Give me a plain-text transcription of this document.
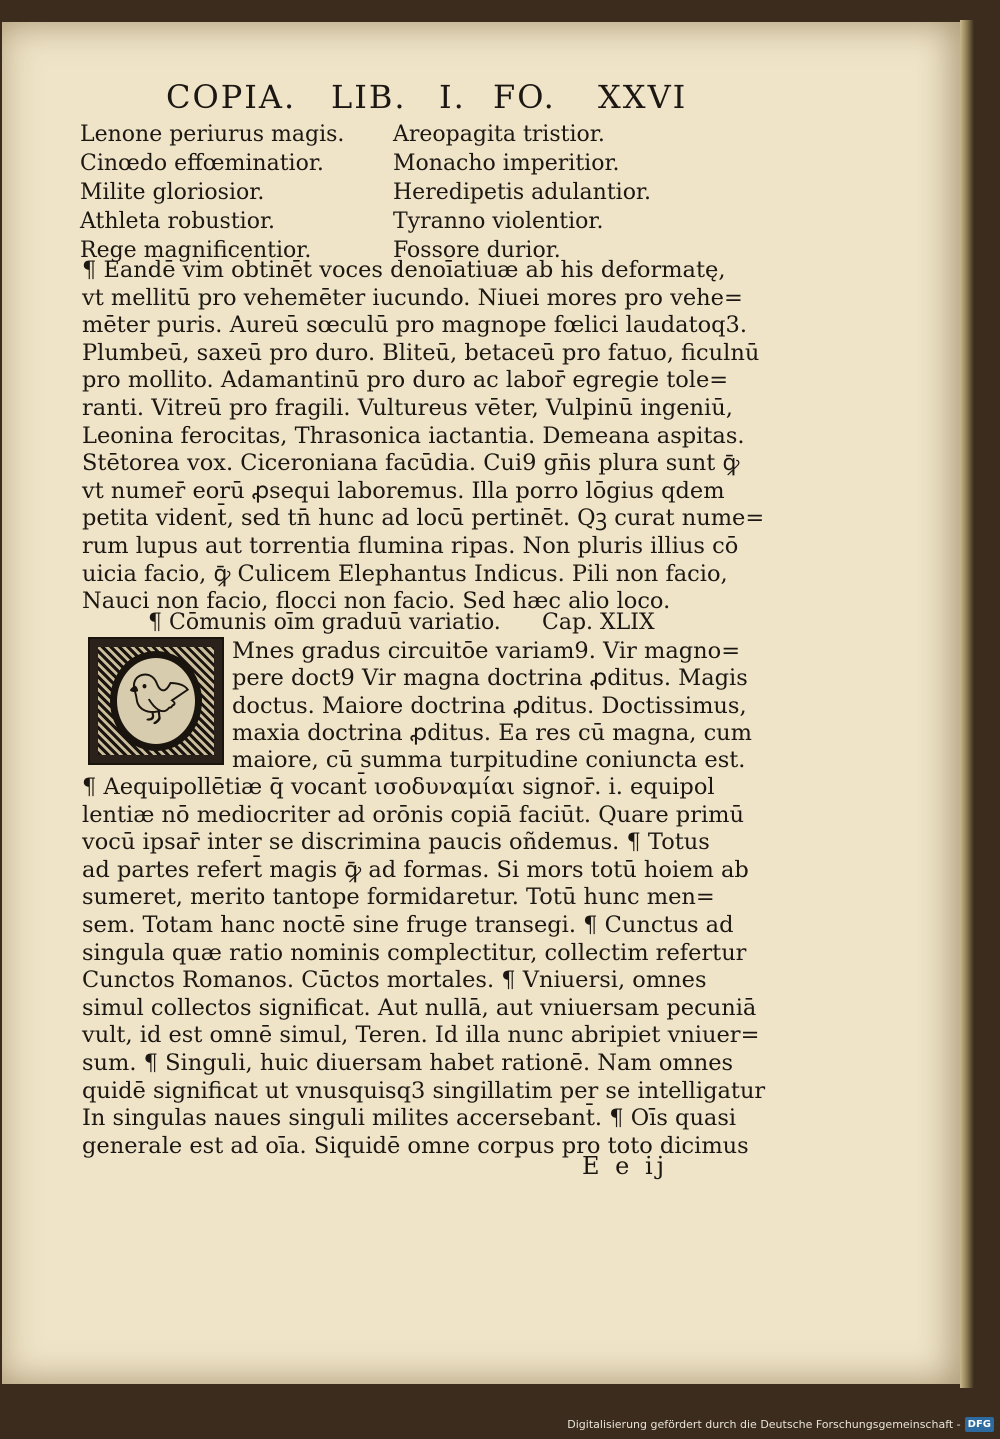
COPIA. LIB. I. FO. XXVI
Lenone periurus magis.
Cinœdo effœminatior.
Milite gloriosior.
Athleta robustior.
Rege magnificentior.
Areopagita tristior.
Monacho imperitior.
Heredipetis adulantior.
Tyranno violentior.
Fossore durior.
¶ Eandē vim obtinēt voces denoīatiuæ ab his deformatę,
vt mellitū pro vehemēter iucundo. Niuei mores pro vehe=
mēter puris. Aureū sœculū pro magnope fœlici laudatoq3.
Plumbeū, saxeū pro duro. Bliteū, betaceū pro fatuo, ficulnū
pro mollito. Adamantinū pro duro ac labor̄ egregie tole=
ranti. Vitreū pro fragili. Vultureus vēter, Vulpinū ingeniū,
Leonina ferocitas, Thrasonica iactantia. Demeana aspitas.
Stētorea vox. Ciceroniana facūdia. Cui9 gn̄is plura sunt ꝙ̄
vt numer̄ eorū ꝓsequi laboremus. Illa porro lōgius qdem
petita vident̄, sed tn̄ hunc ad locū pertinēt. Qꝫ curat nume=
rum lupus aut torrentia flumina ripas. Non pluris illius cō
uicia facio, ꝙ̄ Culicem Elephantus Indicus. Pili non facio,
Nauci non facio, flocci non facio. Sed hæc alio loco.
¶ Cōmunis oīm graduū variatio. Cap. XLIX
🐦︎
Mnes gradus circuitōe variam9. Vir magno=
pere doct9 Vir magna doctrina ꝓditus. Magis
doctus. Maiore doctrina ꝓditus. Doctissimus,
maxia doctrina ꝓditus. Ea res cū magna, cum
maiore, cū summa turpitudine coniuncta est.
¶ Aequipollētiæ q̄ vocant̄ ισοδυναμίαι signor̄. i. equipol
lentiæ nō mediocriter ad orōnis copiā faciūt. Quare primū
vocū ipsar̄ inter se discrimina paucis oñdemus. ¶ Totus
ad partes refert̄ magis ꝙ̄ ad formas. Si mors totū hoiem ab
sumeret, merito tantope formidaretur. Totū hunc men=
sem. Totam hanc noctē sine fruge transegi. ¶ Cunctus ad
singula quæ ratio nominis complectitur, collectim refertur
Cunctos Romanos. Cūctos mortales. ¶ Vniuersi, omnes
simul collectos significat. Aut nullā, aut vniuersam pecuniā
vult, id est omnē simul, Teren. Id illa nunc abripiet vniuer=
sum. ¶ Singuli, huic diuersam habet rationē. Nam omnes
quidē significat ut vnusquisq3 singillatim per se intelligatur
In singulas naues singuli milites accersebant̄. ¶ Oīs quasi
generale est ad oīa. Siquidē omne corpus pro toto dicimus
E e ij
Digitalisierung gefördert durch die Deutsche Forschungsgemeinschaft - DFG
